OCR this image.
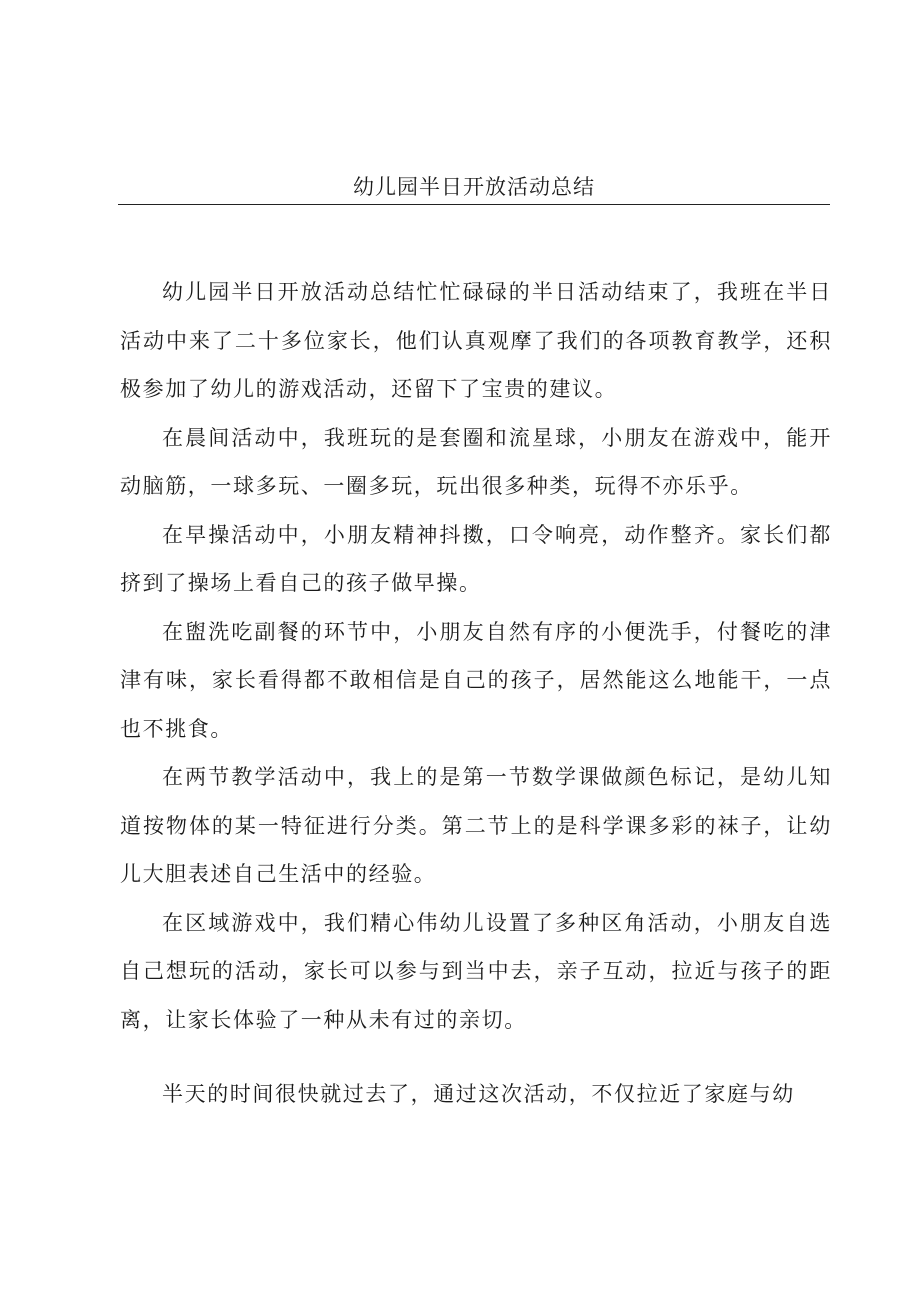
幼儿园半日开放活动总结

幼儿园半日开放活动总结忙忙碌碌的半日活动结束了，我班在半日活动中来了二十多位家长，他们认真观摩了我们的各项教育教学，还积极参加了幼儿的游戏活动，还留下了宝贵的建议。

在晨间活动中，我班玩的是套圈和流星球，小朋友在游戏中，能开动脑筋，一球多玩、一圈多玩，玩出很多种类，玩得不亦乐乎。

在早操活动中，小朋友精神抖擞，口令响亮，动作整齐。家长们都挤到了操场上看自己的孩子做早操。

在盥洗吃副餐的环节中，小朋友自然有序的小便洗手，付餐吃的津津有味，家长看得都不敢相信是自己的孩子，居然能这么地能干，一点也不挑食。

在两节教学活动中，我上的是第一节数学课做颜色标记，是幼儿知道按物体的某一特征进行分类。第二节上的是科学课多彩的袜子，让幼儿大胆表述自己生活中的经验。

在区域游戏中，我们精心伟幼儿设置了多种区角活动，小朋友自选自己想玩的活动，家长可以参与到当中去，亲子互动，拉近与孩子的距离，让家长体验了一种从未有过的亲切。

半天的时间很快就过去了，通过这次活动，不仅拉近了家庭与幼
